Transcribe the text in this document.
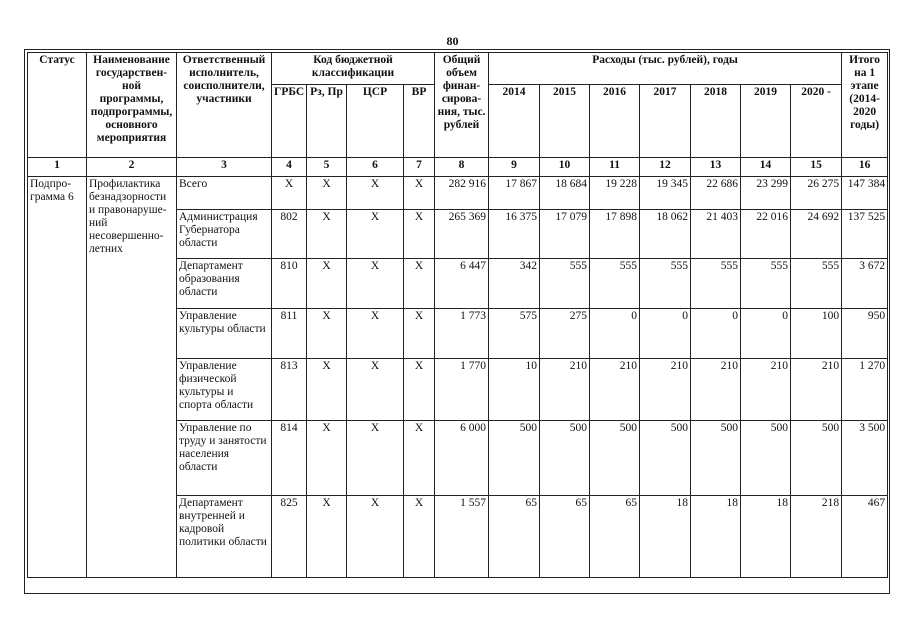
80
Статус	Наименование государствен-ной программы, подпрограммы, основного мероприятия	Ответственный исполнитель, соисполнители, участники	Код бюджетной классификации				Общий объем финан-сирова-ния, тыс. рублей	Расходы (тыс. рублей), годы							Итого на 1 этапе (2014-2020 годы)
			ГРБС	Рз, Пр	ЦСР	ВР		2014	2015	2016	2017	2018	2019	2020 -	
1	2	3	4	5	6	7	8	9	10	11	12	13	14	15	16
Подпро-грамма 6	Профилактика безнадзорности и правонаруше-ний несовершенно-летних	Всего	X	X	X	X	282 916	17 867	18 684	19 228	19 345	22 686	23 299	26 275	147 384
		Администрация Губернатора области	802	X	X	X	265 369	16 375	17 079	17 898	18 062	21 403	22 016	24 692	137 525
		Департамент образования области	810	X	X	X	6 447	342	555	555	555	555	555	555	3 672
		Управление культуры области	811	X	X	X	1 773	575	275	0	0	0	0	100	950
		Управление физической культуры и спорта области	813	X	X	X	1 770	10	210	210	210	210	210	210	1 270
		Управление по труду и занятости населения области	814	X	X	X	6 000	500	500	500	500	500	500	500	3 500
		Департамент внутренней и кадровой политики области	825	X	X	X	1 557	65	65	65	18	18	18	218	467
